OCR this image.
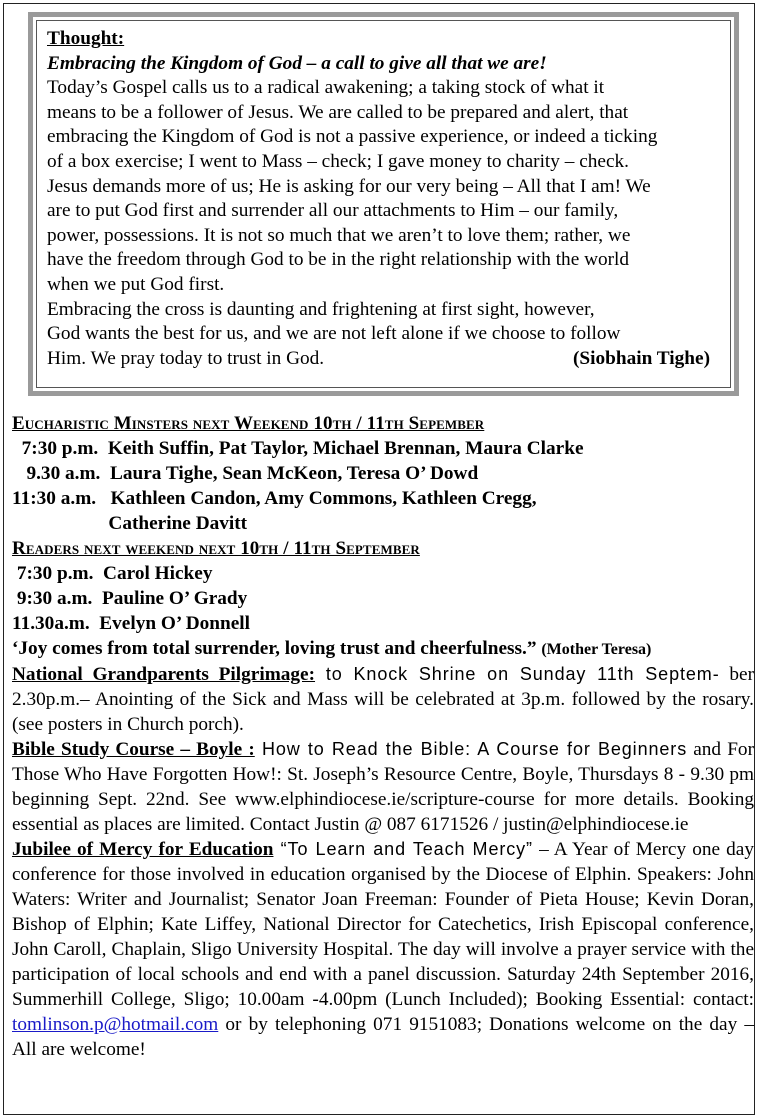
Thought:

Embracing the Kingdom of God – a call to give all that we are!

Today’s Gospel calls us to a radical awakening; a taking stock of what it

means to be a follower of Jesus. We are called to be prepared and alert, that

embracing the Kingdom of God is not a passive experience, or indeed a ticking

of a box exercise; I went to Mass – check; I gave money to charity – check.

Jesus demands more of us; He is asking for our very being – All that I am! We

are to put God first and surrender all our attachments to Him – our family,

power, possessions. It is not so much that we aren’t to love them; rather, we

have the freedom through God to be in the right relationship with the world

when we put God first.

Embracing the cross is daunting and frightening at first sight, however,

God wants the best for us, and we are not left alone if we choose to follow

Him. We pray today to trust in God.	(Siobhain Tighe)

Eucharistic Minsters next Weekend 10th / 11th Sepember

7:30 p.m.  Keith Suffin, Pat Taylor, Michael Brennan, Maura Clarke

9.30 a.m.  Laura Tighe, Sean McKeon, Teresa O’ Dowd

11:30 a.m.   Kathleen Candon, Amy Commons, Kathleen Cregg,

Catherine Davitt

Readers next weekend next 10th / 11th September

7:30 p.m.  Carol Hickey

9:30 a.m.  Pauline O’ Grady

11.30a.m.  Evelyn O’ Donnell

‘Joy comes from total surrender, loving trust and cheerfulness.” (Mother Teresa)

National Grandparents Pilgrimage: to Knock Shrine on Sunday 11th Septem- ber 2.30p.m.– Anointing of the Sick and Mass will be celebrated at 3p.m. followed by the rosary. (see posters in Church porch).

Bible Study Course – Boyle : How to Read the Bible: A Course for Beginners and For Those Who Have Forgotten How!: St. Joseph’s Resource Centre, Boyle, Thursdays 8 - 9.30 pm beginning Sept. 22nd. See www.elphindiocese.ie/scripture-course for more details. Booking essential as places are limited. Contact Justin @ 087 6171526 / justin@elphindiocese.ie

Jubilee of Mercy for Education “To Learn and Teach Mercy” – A Year of Mercy one day conference for those involved in education organised by the Diocese of Elphin. Speakers: John Waters: Writer and Journalist; Senator Joan Freeman: Founder of Pieta House; Kevin Doran, Bishop of Elphin; Kate Liffey, National Director for Catechetics, Irish Episcopal conference, John Caroll, Chaplain, Sligo University Hospital. The day will involve a prayer service with the participation of local schools and end with a panel discussion. Saturday 24th September 2016, Summerhill College, Sligo; 10.00am -4.00pm (Lunch Included); Booking Essential: contact: tomlinson.p@hotmail.com or by telephoning 071 9151083; Donations welcome on the day – All are welcome!
